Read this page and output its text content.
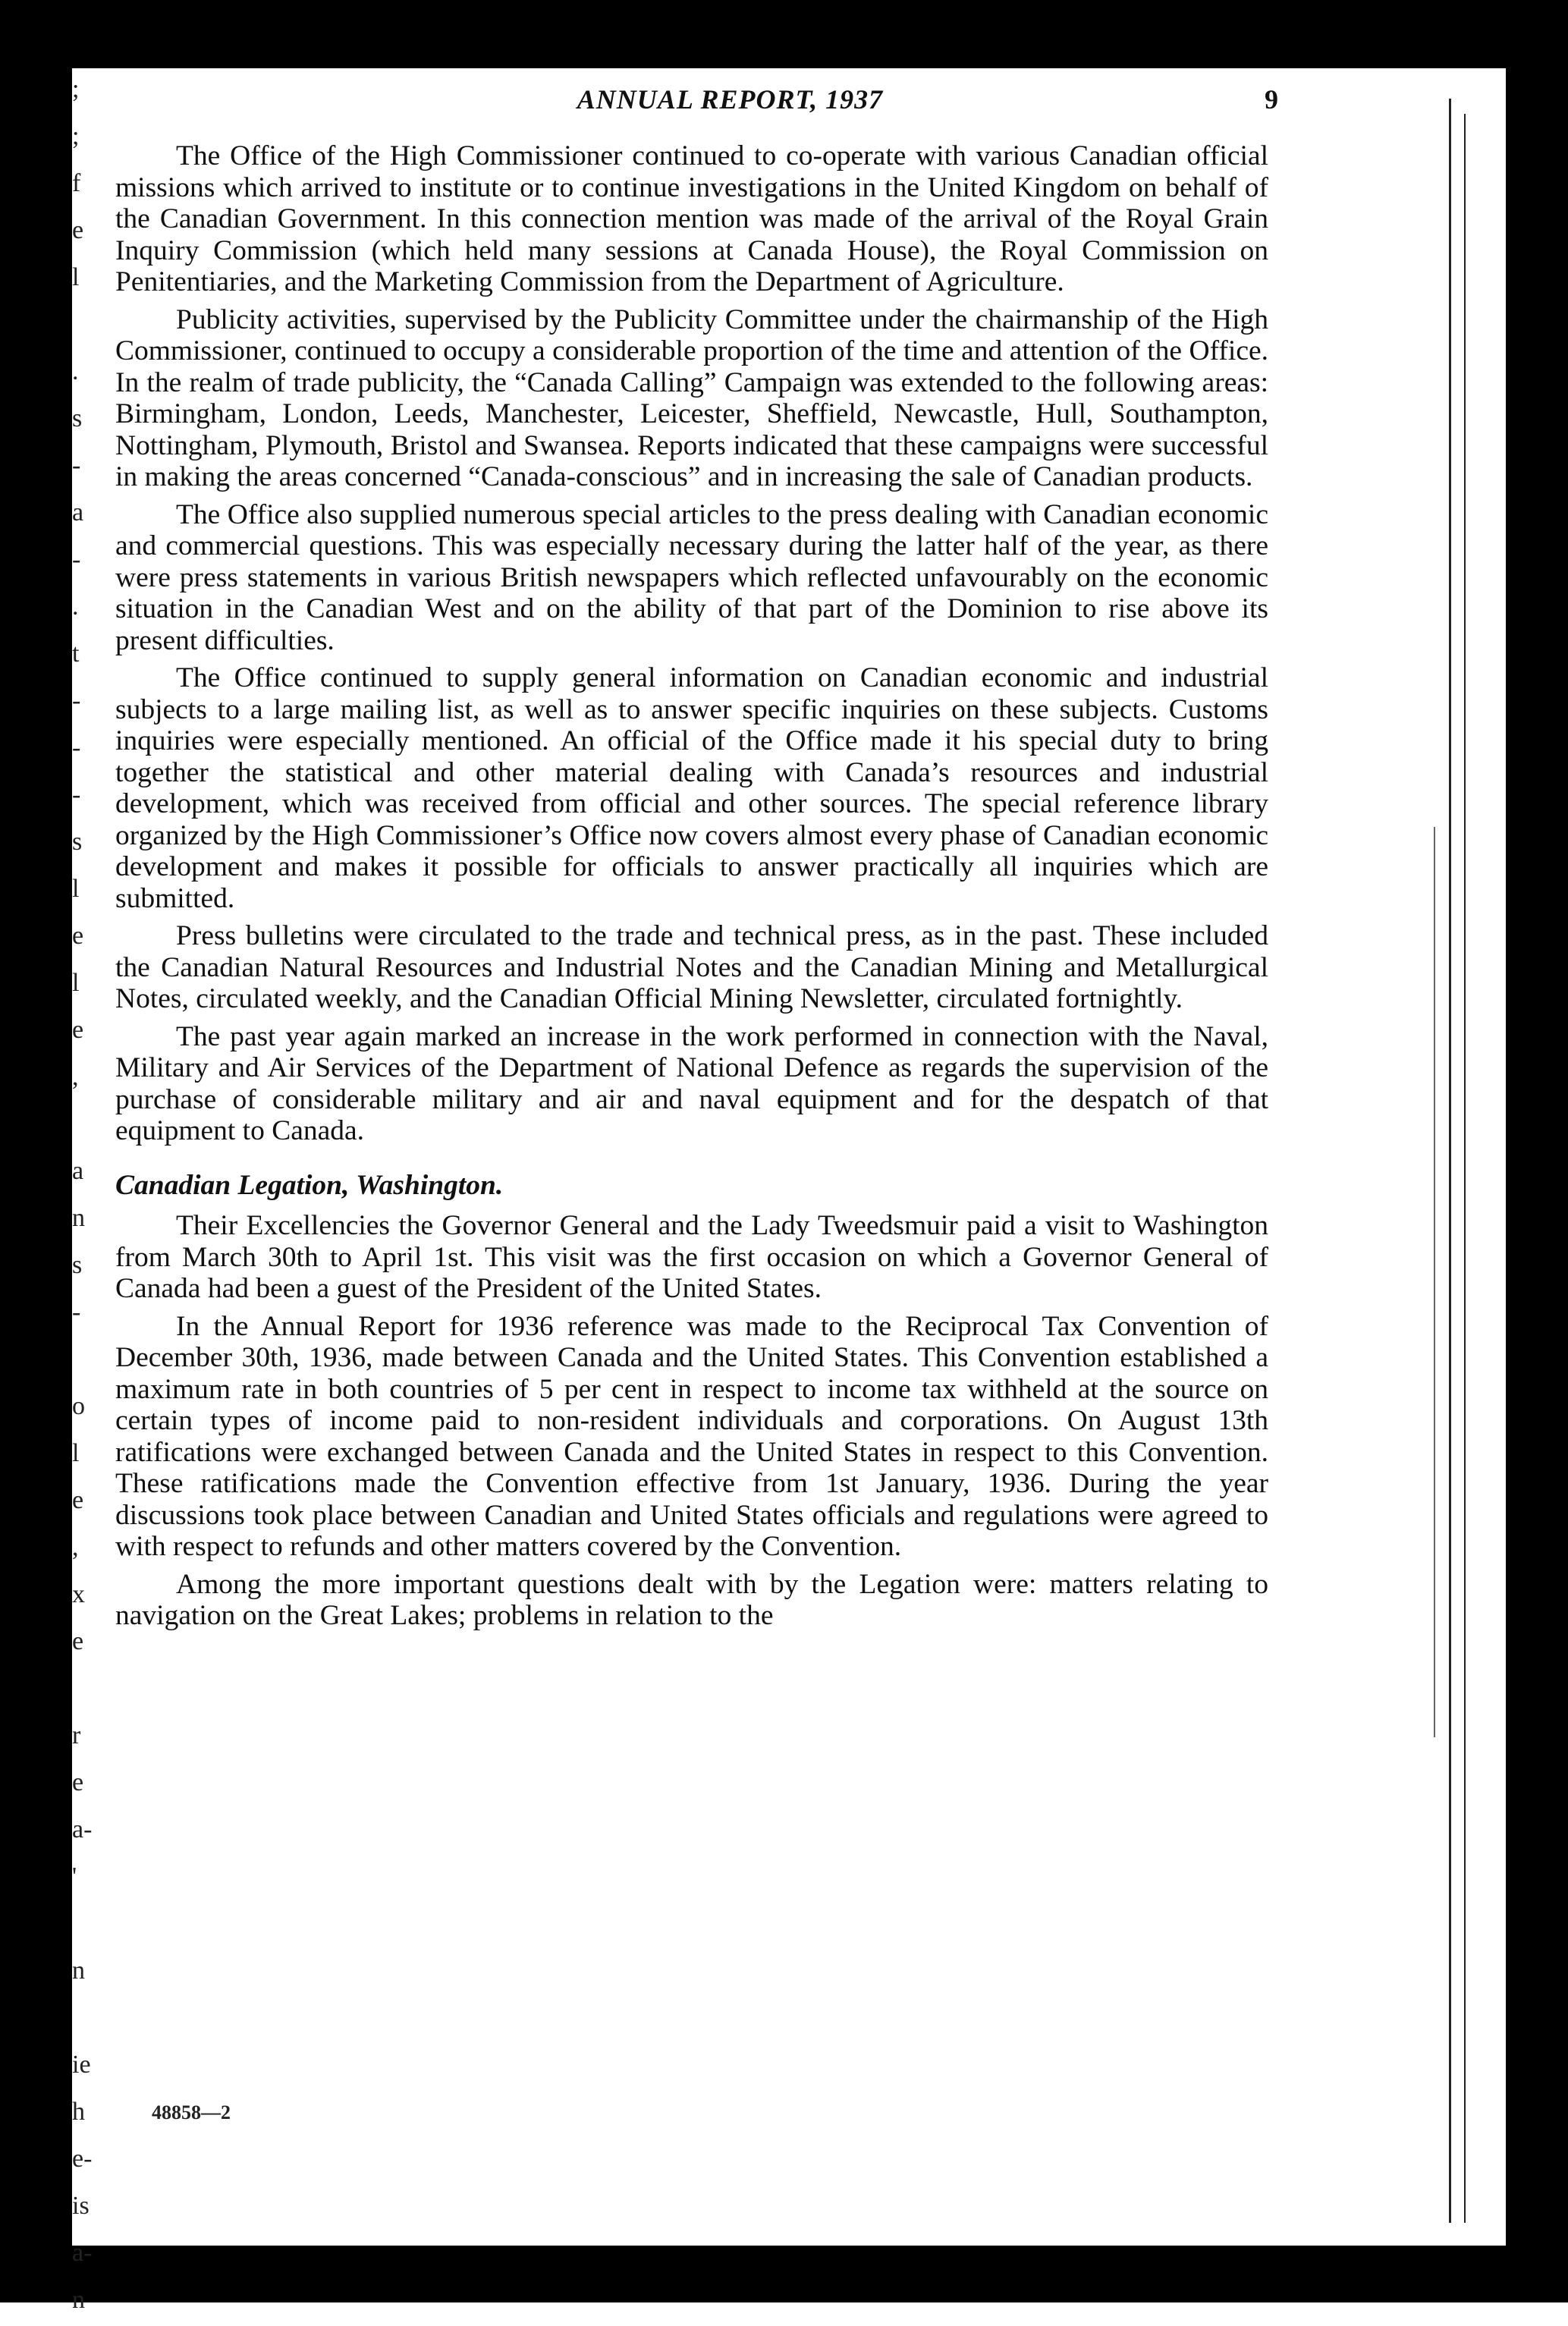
;
;
f
e
l
.
s
-
a
-
.
t
-
-
-
s
l
e
l
e
,
a
n
s
-
o
l
e
,
x
e
r
e
a-
'
n
ie
h
e-
is
a-
n
ANNUAL REPORT, 1937	9

The Office of the High Commissioner continued to co-operate with various Canadian official missions which arrived to institute or to continue investigations in the United Kingdom on behalf of the Canadian Government. In this connection mention was made of the arrival of the Royal Grain Inquiry Commission (which held many sessions at Canada House), the Royal Commission on Penitentiaries, and the Marketing Commission from the Department of Agriculture.

Publicity activities, supervised by the Publicity Committee under the chairmanship of the High Commissioner, continued to occupy a considerable proportion of the time and attention of the Office. In the realm of trade publicity, the “Canada Calling” Campaign was extended to the following areas: Birmingham, London, Leeds, Manchester, Leicester, Sheffield, Newcastle, Hull, Southampton, Nottingham, Plymouth, Bristol and Swansea. Reports indicated that these campaigns were successful in making the areas concerned “Canada-conscious” and in increasing the sale of Canadian products.

The Office also supplied numerous special articles to the press dealing with Canadian economic and commercial questions. This was especially necessary during the latter half of the year, as there were press statements in various British newspapers which reflected unfavourably on the economic situation in the Canadian West and on the ability of that part of the Dominion to rise above its present difficulties.

The Office continued to supply general information on Canadian economic and industrial subjects to a large mailing list, as well as to answer specific inquiries on these subjects. Customs inquiries were especially mentioned. An official of the Office made it his special duty to bring together the statistical and other material dealing with Canada’s resources and industrial development, which was received from official and other sources. The special reference library organized by the High Commissioner’s Office now covers almost every phase of Canadian economic development and makes it possible for officials to answer practically all inquiries which are submitted.

Press bulletins were circulated to the trade and technical press, as in the past. These included the Canadian Natural Resources and Industrial Notes and the Canadian Mining and Metallurgical Notes, circulated weekly, and the Canadian Official Mining Newsletter, circulated fortnightly.

The past year again marked an increase in the work performed in connection with the Naval, Military and Air Services of the Department of National Defence as regards the supervision of the purchase of considerable military and air and naval equipment and for the despatch of that equipment to Canada.

Canadian Legation, Washington.

Their Excellencies the Governor General and the Lady Tweedsmuir paid a visit to Washington from March 30th to April 1st. This visit was the first occasion on which a Governor General of Canada had been a guest of the President of the United States.

In the Annual Report for 1936 reference was made to the Reciprocal Tax Convention of December 30th, 1936, made between Canada and the United States. This Convention established a maximum rate in both countries of 5 per cent in respect to income tax withheld at the source on certain types of income paid to non-resident individuals and corporations. On August 13th ratifications were exchanged between Canada and the United States in respect to this Convention. These ratifications made the Convention effective from 1st January, 1936. During the year discussions took place between Canadian and United States officials and regulations were agreed to with respect to refunds and other matters covered by the Convention.

Among the more important questions dealt with by the Legation were: matters relating to navigation on the Great Lakes; problems in relation to the

48858—2
